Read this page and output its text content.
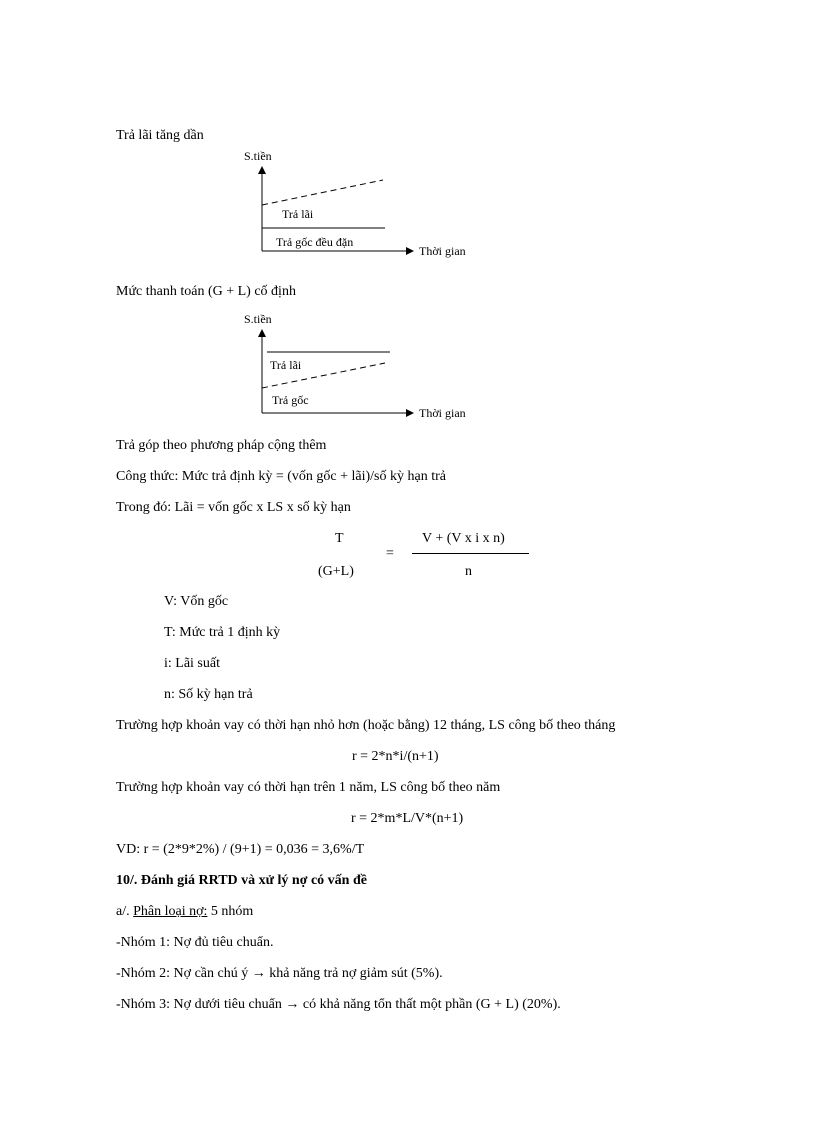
Trả lãi tăng dần
S.tiền
Thời gian
Trả lãi
Trả gốc đều đặn
Mức thanh toán (G + L) cố định
S.tiền
Thời gian
Trả lãi
Trả gốc
Trả góp theo phương pháp cộng thêm
Công thức: Mức trả định kỳ = (vốn gốc + lãi)/số kỳ hạn trả
Trong đó: Lãi = vốn gốc x LS x số kỳ hạn
T
(G+L)
=
V + (V x i x n)
n
V: Vốn gốc
T: Mức trả 1 định kỳ
i: Lãi suất
n: Số kỳ hạn trả
Trường hợp khoản vay có thời hạn nhỏ hơn (hoặc bằng) 12 tháng, LS công bố theo tháng
r = 2*n*i/(n+1)
Trường hợp khoản vay có thời hạn trên 1 năm, LS công bố theo năm
r = 2*m*L/V*(n+1)
VD: r = (2*9*2%) / (9+1) = 0,036 = 3,6%/T
10/. Đánh giá RRTD và xử lý nợ có vấn đề
a/. Phân loại nợ: 5 nhóm
-Nhóm 1: Nợ đủ tiêu chuẩn.
-Nhóm 2: Nợ cần chú ý → khả năng trả nợ giảm sút (5%).
-Nhóm 3: Nợ dưới tiêu chuẩn → có khả năng tổn thất một phần (G + L) (20%).
